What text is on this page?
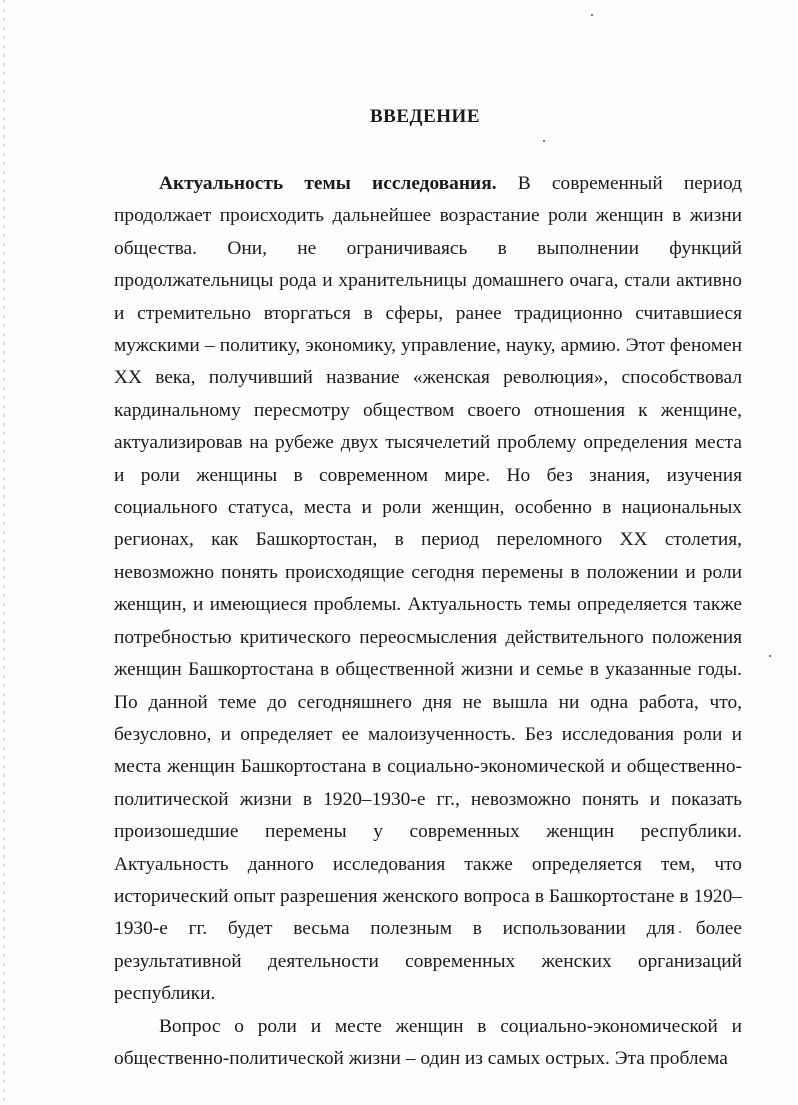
ВВЕДЕНИЕ

Актуальность темы исследования. В современный период продолжает происходить дальнейшее возрастание роли женщин в жизни общества. Они, не ограничиваясь в выполнении функций продолжательницы рода и хранительницы домашнего очага, стали активно и стремительно вторгаться в сферы, ранее традиционно считавшиеся мужскими – политику, экономику, управление, науку, армию. Этот феномен XX века, получивший название «женская революция», способствовал кардинальному пересмотру обществом своего отношения к женщине, актуализировав на рубеже двух тысячелетий проблему определения места и роли женщины в современном мире. Но без знания, изучения социального статуса, места и роли женщин, особенно в национальных регионах, как Башкортостан, в период переломного XX столетия, невозможно понять происходящие сегодня перемены в положении и роли женщин, и имеющиеся проблемы. Актуальность темы определяется также потребностью критического переосмысления действительного положения женщин Башкортостана в общественной жизни и семье в указанные годы. По данной теме до сегодняшнего дня не вышла ни одна работа, что, безусловно, и определяет ее малоизученность. Без исследования роли и места женщин Башкортостана в социально-экономической и общественно-политической жизни в 1920–1930-е гг., невозможно понять и показать произошедшие перемены у современных женщин республики. Актуальность данного исследования также определяется тем, что исторический опыт разрешения женского вопроса в Башкортостане в 1920–1930-е гг. будет весьма полезным в использовании для более результативной деятельности современных женских организаций республики.

Вопрос о роли и месте женщин в социально-экономической и общественно-политической жизни – один из самых острых. Эта проблема
